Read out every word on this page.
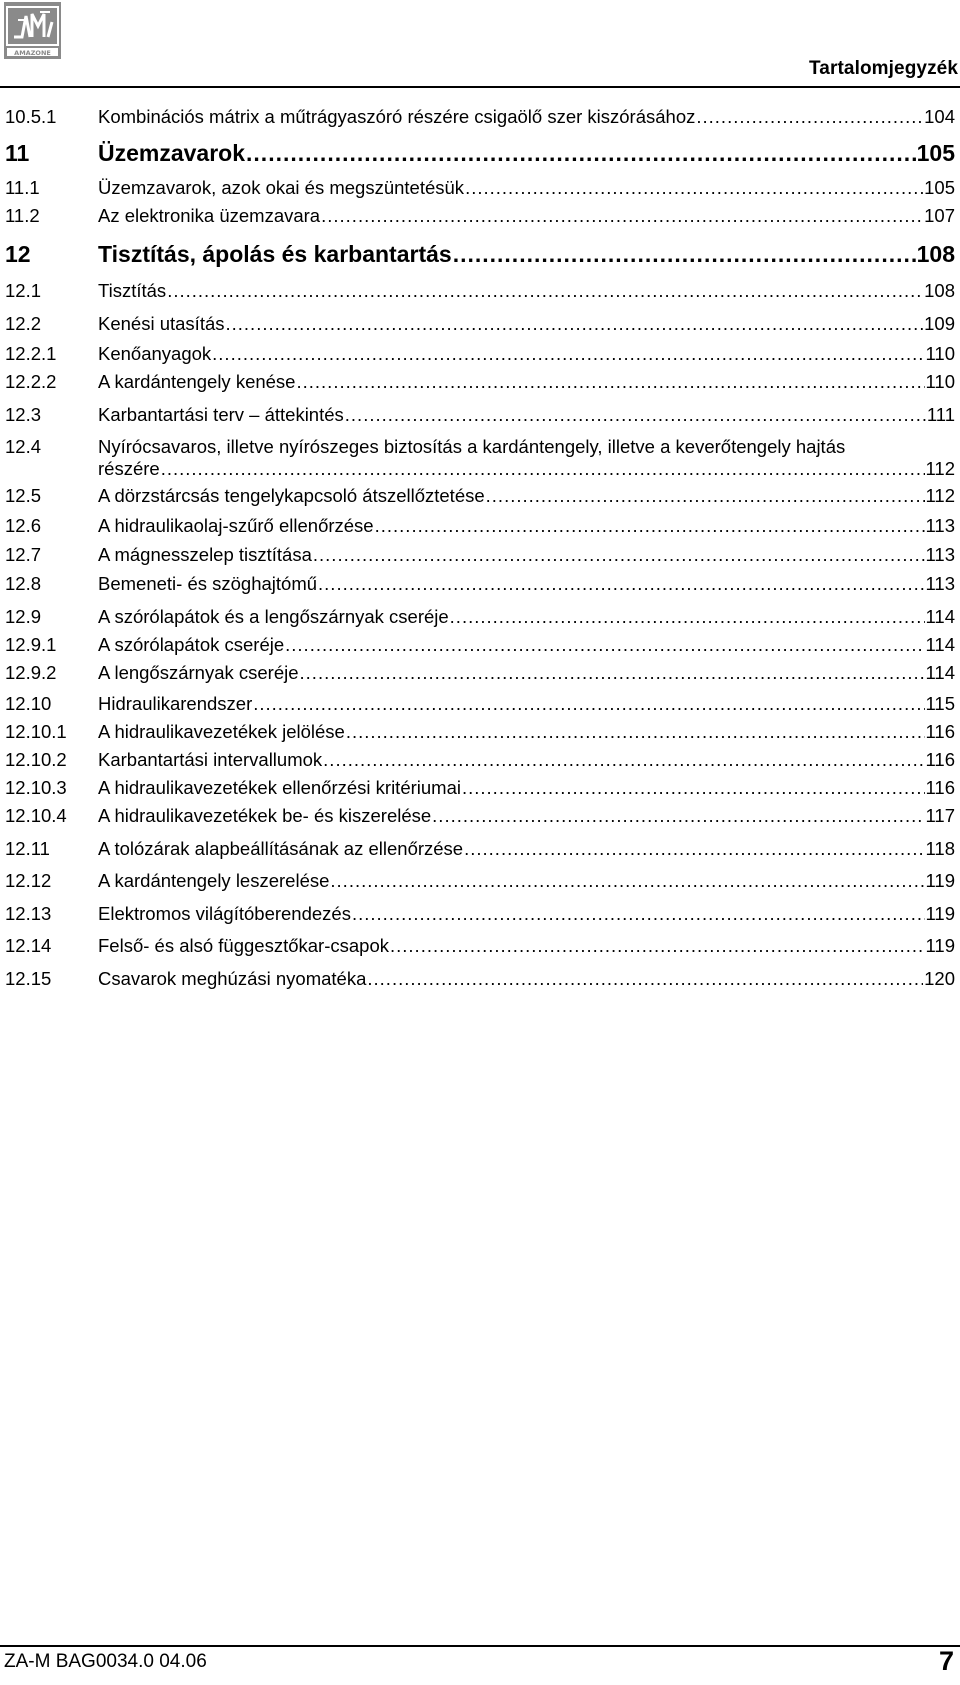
AMAZONE
Tartalomjegyzék
10.5.1 Kombinációs mátrix a műtrágyaszóró részére csigaölő szer kiszórásához .....	104
11	Üzemzavarok .....	105
11.1	Üzemzavarok, azok okai és megszüntetésük .....	105
11.2	Az elektronika üzemzavara .....	107
12	Tisztítás, ápolás és karbantartás .....	108
12.1	Tisztítás .....	108
12.2	Kenési utasítás .....	109
12.2.1 Kenőanyagok .....	110
12.2.2 A kardántengely kenése .....	110
12.3	Karbantartási terv – áttekintés .....	111
12.4	Nyírócsavaros, illetve nyírószeges biztosítás a kardántengely, illetve a keverőtengely hajtás
részére .....	112
12.5	A dörzstárcsás tengelykapcsoló átszellőztetése .....	112
12.6	A hidraulikaolaj-szűrő ellenőrzése .....	113
12.7	A mágnesszelep tisztítása .....	113
12.8	Bemeneti- és szöghajtómű .....	113
12.9	A szórólapátok és a lengőszárnyak cseréje .....	114
12.9.1 A szórólapátok cseréje .....	114
12.9.2 A lengőszárnyak cseréje .....	114
12.10	Hidraulikarendszer .....	115
12.10.1 A hidraulikavezetékek jelölése .....	116
12.10.2 Karbantartási intervallumok .....	116
12.10.3 A hidraulikavezetékek ellenőrzési kritériumai .....	116
12.10.4 A hidraulikavezetékek be- és kiszerelése .....	117
12.11	A tolózárak alapbeállításának az ellenőrzése .....	118
12.12	A kardántengely leszerelése .....	119
12.13	Elektromos világítóberendezés .....	119
12.14	Felső- és alsó függesztőkar-csapok .....	119
12.15	Csavarok meghúzási nyomatéka .....	120
ZA-M BAG0034.0 04.06	7
